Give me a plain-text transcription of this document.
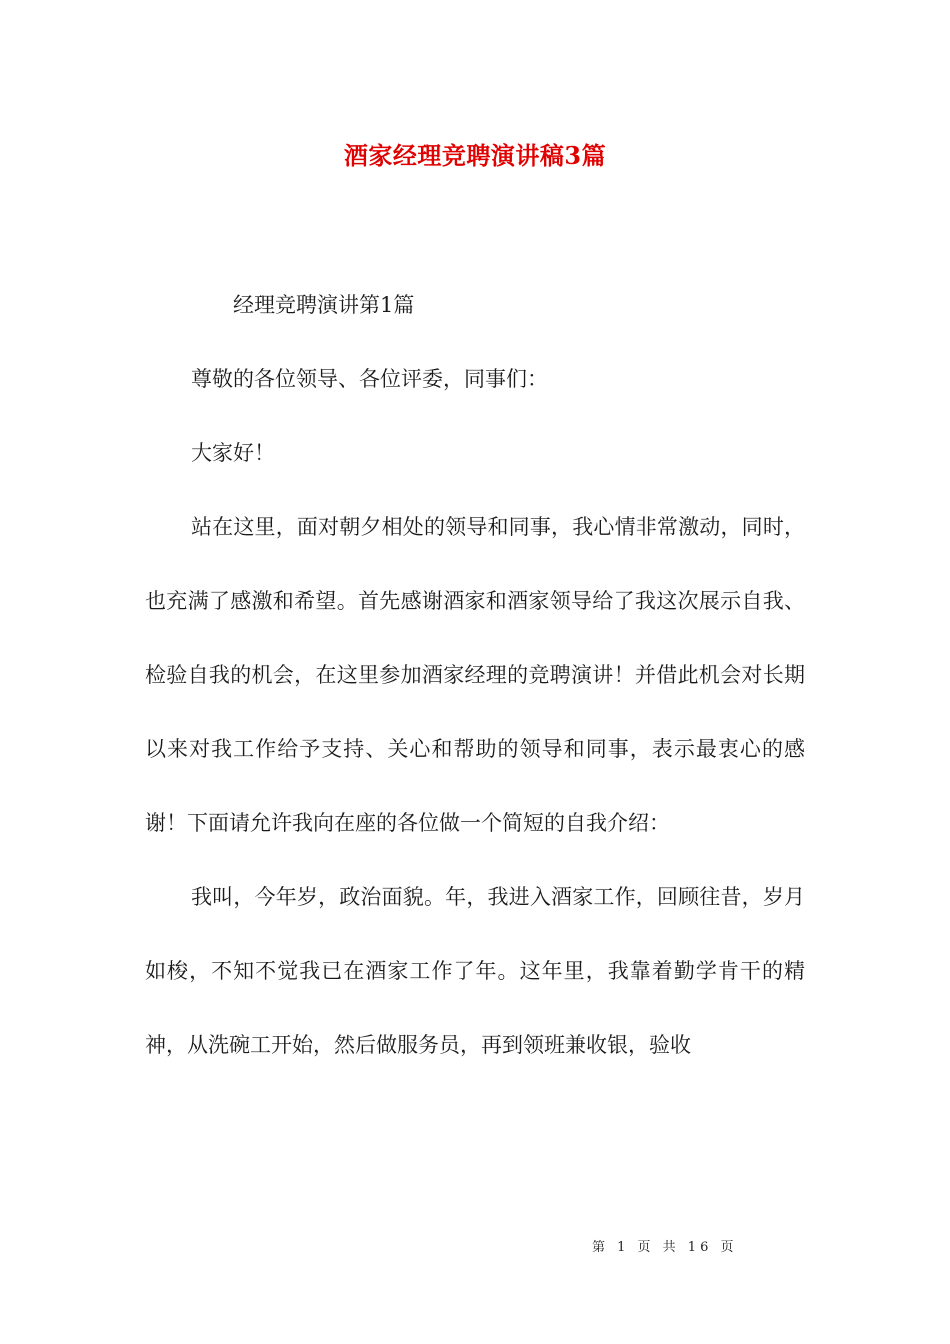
酒家经理竞聘演讲稿3篇

经理竞聘演讲第1篇

尊敬的各位领导、各位评委，同事们：

大家好！

站在这里，面对朝夕相处的领导和同事，我心情非常激动，同时，也充满了感激和希望。首先感谢酒家和酒家领导给了我这次展示自我、检验自我的机会，在这里参加酒家经理的竞聘演讲！并借此机会对长期以来对我工作给予支持、关心和帮助的领导和同事，表示最衷心的感谢！下面请允许我向在座的各位做一个简短的自我介绍：

我叫，今年岁，政治面貌。年，我进入酒家工作，回顾往昔，岁月如梭，不知不觉我已在酒家工作了年。这年里，我靠着勤学肯干的精神，从洗碗工开始，然后做服务员，再到领班兼收银，验收

第 1 页 共 16 页
